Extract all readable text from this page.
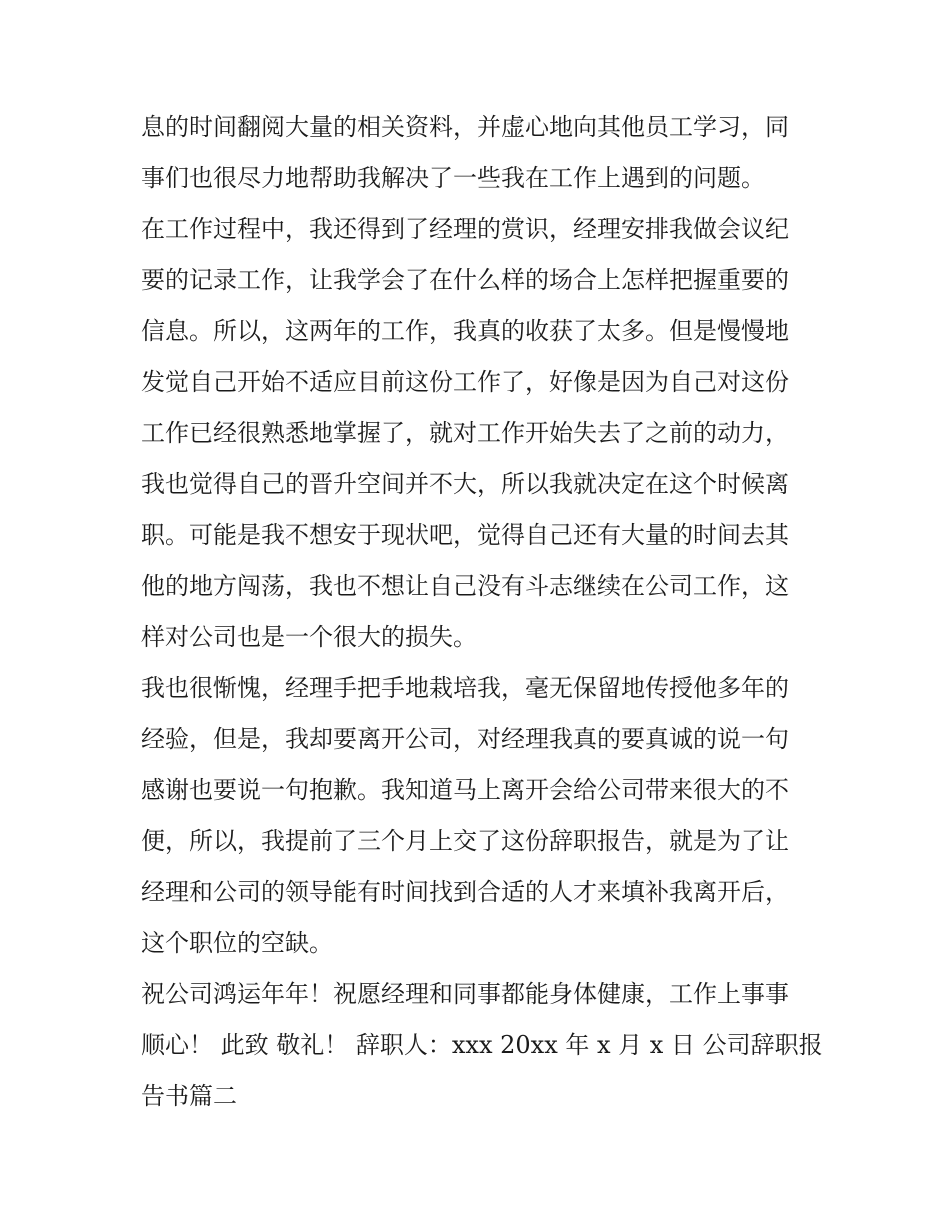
息的时间翻阅大量的相关资料，并虚心地向其他员工学习，同
事们也很尽力地帮助我解决了一些我在工作上遇到的问题。
在工作过程中，我还得到了经理的赏识，经理安排我做会议纪
要的记录工作，让我学会了在什么样的场合上怎样把握重要的
信息。所以，这两年的工作，我真的收获了太多。但是慢慢地
发觉自己开始不适应目前这份工作了，好像是因为自己对这份
工作已经很熟悉地掌握了，就对工作开始失去了之前的动力，
我也觉得自己的晋升空间并不大，所以我就决定在这个时候离
职。可能是我不想安于现状吧，觉得自己还有大量的时间去其
他的地方闯荡，我也不想让自己没有斗志继续在公司工作，这
样对公司也是一个很大的损失。
我也很惭愧，经理手把手地栽培我，毫无保留地传授他多年的
经验，但是，我却要离开公司，对经理我真的要真诚的说一句
感谢也要说一句抱歉。我知道马上离开会给公司带来很大的不
便，所以，我提前了三个月上交了这份辞职报告，就是为了让
经理和公司的领导能有时间找到合适的人才来填补我离开后，
这个职位的空缺。
祝公司鸿运年年！祝愿经理和同事都能身体健康，工作上事事
顺心！ 此致 敬礼！ 辞职人：xxx 20xx 年 x 月 x 日 公司辞职报
告书篇二
